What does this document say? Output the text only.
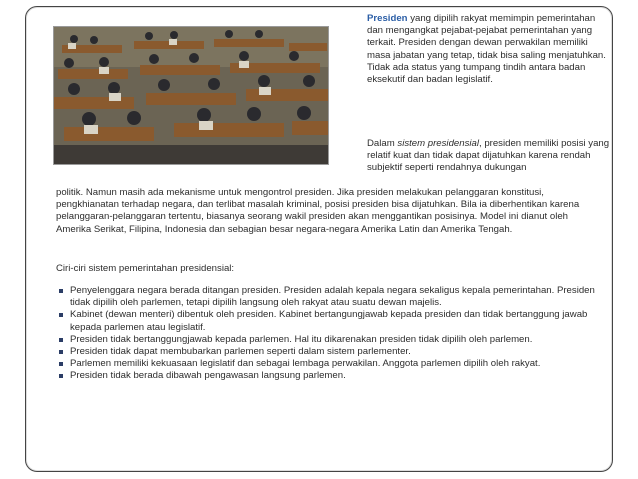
Presiden yang dipilih rakyat memimpin pemerintahan dan mengangkat pejabat-pejabat pemerintahan yang terkait. Presiden dengan dewan perwakilan memiliki masa jabatan yang tetap, tidak bisa saling menjatuhkan. Tidak ada status yang tumpang tindih antara badan eksekutif dan badan legislatif.

Dalam sistem presidensial, presiden memiliki posisi yang relatif kuat dan tidak dapat dijatuhkan karena rendah subjektif seperti rendahnya dukungan

politik. Namun masih ada mekanisme untuk mengontrol presiden. Jika presiden melakukan pelanggaran konstitusi, pengkhianatan terhadap negara, dan terlibat masalah kriminal, posisi presiden bisa dijatuhkan. Bila ia diberhentikan karena pelanggaran-pelanggaran tertentu, biasanya seorang wakil presiden akan menggantikan posisinya. Model ini dianut oleh Amerika Serikat, Filipina, Indonesia dan sebagian besar negara-negara Amerika Latin dan Amerika Tengah.

Ciri-ciri sistem pemerintahan presidensial:

Penyelenggara negara berada ditangan presiden. Presiden adalah kepala negara sekaligus kepala pemerintahan. Presiden tidak dipilih oleh parlemen, tetapi dipilih langsung oleh rakyat atau suatu dewan majelis.
Kabinet (dewan menteri) dibentuk oleh presiden. Kabinet bertangungjawab kepada presiden dan tidak bertanggung jawab kepada parlemen atau legislatif.
Presiden tidak bertanggungjawab kepada parlemen. Hal itu dikarenakan presiden tidak dipilih oleh parlemen.
Presiden tidak dapat membubarkan parlemen seperti dalam sistem parlementer.
Parlemen memiliki kekuasaan legislatif dan sebagai lembaga perwakilan. Anggota parlemen dipilih oleh rakyat.
Presiden tidak berada dibawah pengawasan langsung parlemen.
